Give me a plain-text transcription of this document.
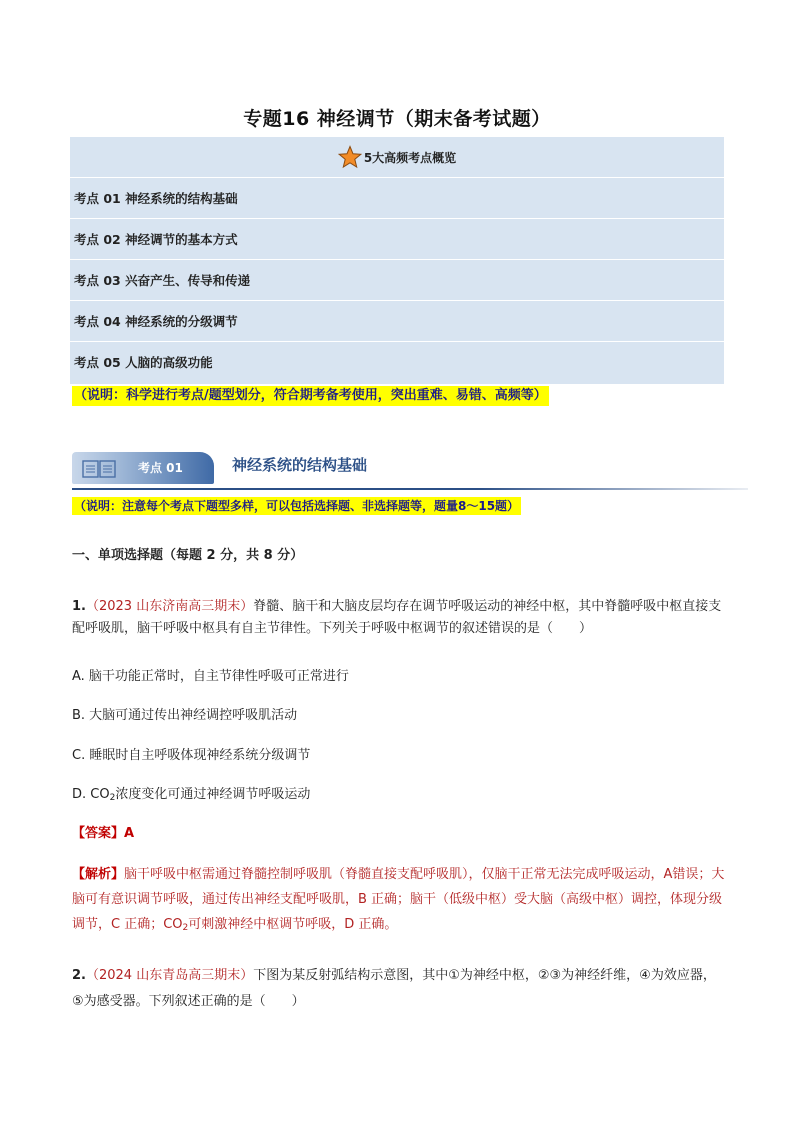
专题16 神经调节（期末备考试题）
5大高频考点概览
考点 01 神经系统的结构基础
考点 02 神经调节的基本方式
考点 03 兴奋产生、传导和传递
考点 04 神经系统的分级调节
考点 05 人脑的高级功能
（说明：科学进行考点/题型划分，符合期考备考使用，突出重难、易错、高频等）
考点 01	神经系统的结构基础
（说明：注意每个考点下题型多样，可以包括选择题、非选择题等，题量8～15题）
一、单项选择题（每题 2 分，共 8 分）
1.（2023 山东济南高三期末）脊髓、脑干和大脑皮层均存在调节呼吸运动的神经中枢，其中脊髓呼吸中枢直接支配呼吸肌，脑干呼吸中枢具有自主节律性。下列关于呼吸中枢调节的叙述错误的是（　　）
A. 脑干功能正常时，自主节律性呼吸可正常进行
B. 大脑可通过传出神经调控呼吸肌活动
C. 睡眠时自主呼吸体现神经系统分级调节
D. $CO_2$浓度变化可通过神经调节呼吸运动
【答案】A
【解析】脑干呼吸中枢需通过脊髓控制呼吸肌（脊髓直接支配呼吸肌），仅脑干正常无法完成呼吸运动，A错误；大脑可有意识调节呼吸，通过传出神经支配呼吸肌，B 正确；脑干（低级中枢）受大脑（高级中枢）调控，体现分级调节，C 正确；$CO_2$可刺激神经中枢调节呼吸，D 正确。
2.（2024 山东青岛高三期末）下图为某反射弧结构示意图，其中①为神经中枢，②③为神经纤维，④为效应器，⑤为感受器。下列叙述正确的是（　　）
